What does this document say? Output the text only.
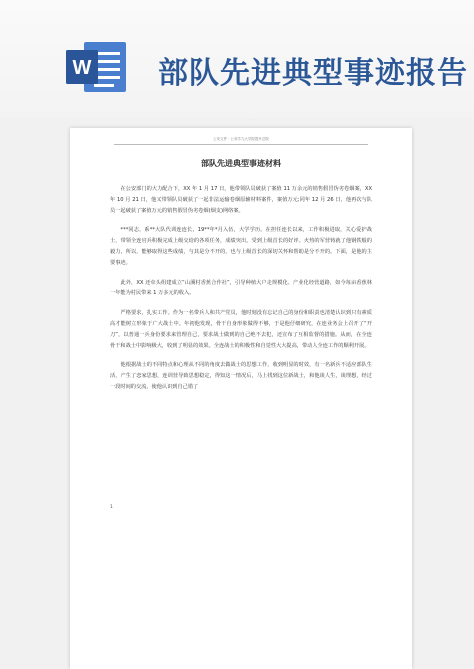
W 部队先进典型事迹报告
公安文件 · 公务学九大学院提升总院
部队先进典型事迹材料

在公安部门的大力配合下，XX 年 1 月 17 日，他带领队员破获了案值 11 万余元的销售假冒伪劣卷烟案，XX 年 10 月 21 日，他又带领队员破获了一起非法运输卷烟原辅材料案件，案值万元;同年 12 月 26 日，他再次与队员一起破获了案值万元的销售假冒伪劣卷烟(烟支)网络案。

***同志，系**大队代训连连长，19**年*月入伍，大学学历。在担任连长以来，工作积极进取，关心爱护战士，带领全连官兵积极完成上级交给的各项任务，成绩突出，受到上级首长的好评。火热的军营铸就了他钢铁般的毅力，所以，能够取得这些成绩，与其是分不开的，也与上级首长的深切关怀和帮助是分不开的。下面，是他的主要事迹。

此外，XX 还牵头组建成立“山溪村香蕉合作社”，引导种植大户走规模化、产业化经营道路，如今每亩香蕉林一年能为村民带来 1 万多元的收入。

严格要求，扎实工作。作为一名带兵人和共产党员，他时刻没有忘记自己的身份和职责也清楚认识到只有素质高才能树立形象于广大战士中。年初他发现，骨干自身形象做得不够，于是他仔细研究，在连业务会上召开了“开刀”，以普通一兵身份要求来管理自己，要求战士做到的自己绝不去犯，还宣布了互相监督的措施。从而，在全连骨干和战士中影响极大，收到了明显的效果。全连战士的积极性和自觉性大大提高，带动人全连工作的顺利开展。

他根据战士的不同特点和心理从不同的角度去做战士的思想工作，收到明显的时效，有一名新兵不适应部队生活，产生了恋家思想，连训营导致思想稳定，得知这一情况后，马上找到这位新战士，和他谈人生，谈理想，经过一段时间的交流，使他认识到自己错了

1
